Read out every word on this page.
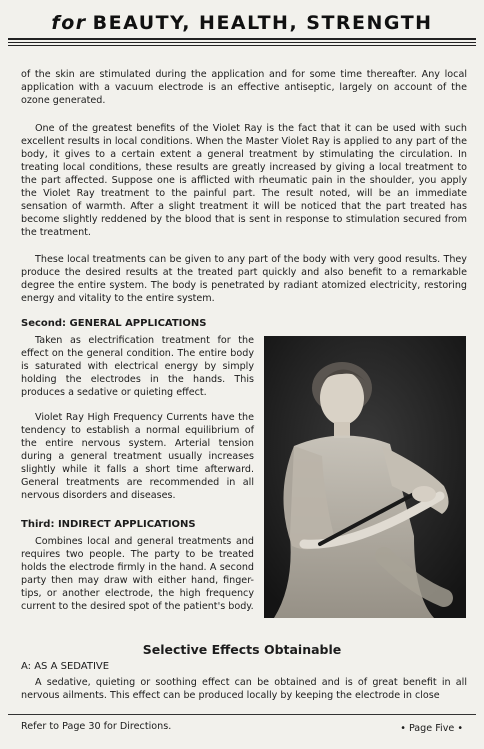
for BEAUTY, HEALTH, STRENGTH

of the skin are stimulated during the application and for some time thereafter. Any local application with a vacuum electrode is an effective antiseptic, largely on account of the ozone generated.

One of the greatest benefits of the Violet Ray is the fact that it can be used with such excellent results in local conditions. When the Master Violet Ray is applied to any part of the body, it gives to a certain extent a general treatment by stimulating the circulation. In treating local conditions, these results are greatly increased by giving a local treatment to the part affected. Suppose one is afflicted with rheumatic pain in the shoulder, you apply the Violet Ray treatment to the painful part. The result noted, will be an immediate sensation of warmth. After a slight treatment it will be noticed that the part treated has become slightly reddened by the blood that is sent in response to stimulation secured from the treatment.

These local treatments can be given to any part of the body with very good results. They produce the desired results at the treated part quickly and also benefit to a remarkable degree the entire system. The body is penetrated by radiant atomized electricity, restoring energy and vitality to the entire system.

Second: GENERAL APPLICATIONS

Taken as electrification treatment for the effect on the general condition. The entire body is saturated with electrical energy by simply holding the electrodes in the hands. This produces a sedative or quieting effect.

Violet Ray High Frequency Currents have the tendency to establish a normal equilibrium of the entire nervous system. Arterial tension during a general treatment usually increases slightly while it falls a short time afterward. General treatments are recommended in all nervous disorders and diseases.

Third: INDIRECT APPLICATIONS

Combines local and general treatments and requires two people. The party to be treated holds the electrode firmly in the hand. A second party then may draw with either hand, finger-tips, or another electrode, the high frequency current to the desired spot of the patient's body.

Selective Effects Obtainable
A: AS A SEDATIVE

A sedative, quieting or soothing effect can be obtained and is of great benefit in all nervous ailments. This effect can be produced locally by keeping the electrode in close

Refer to Page 30 for Directions.	• Page Five •
